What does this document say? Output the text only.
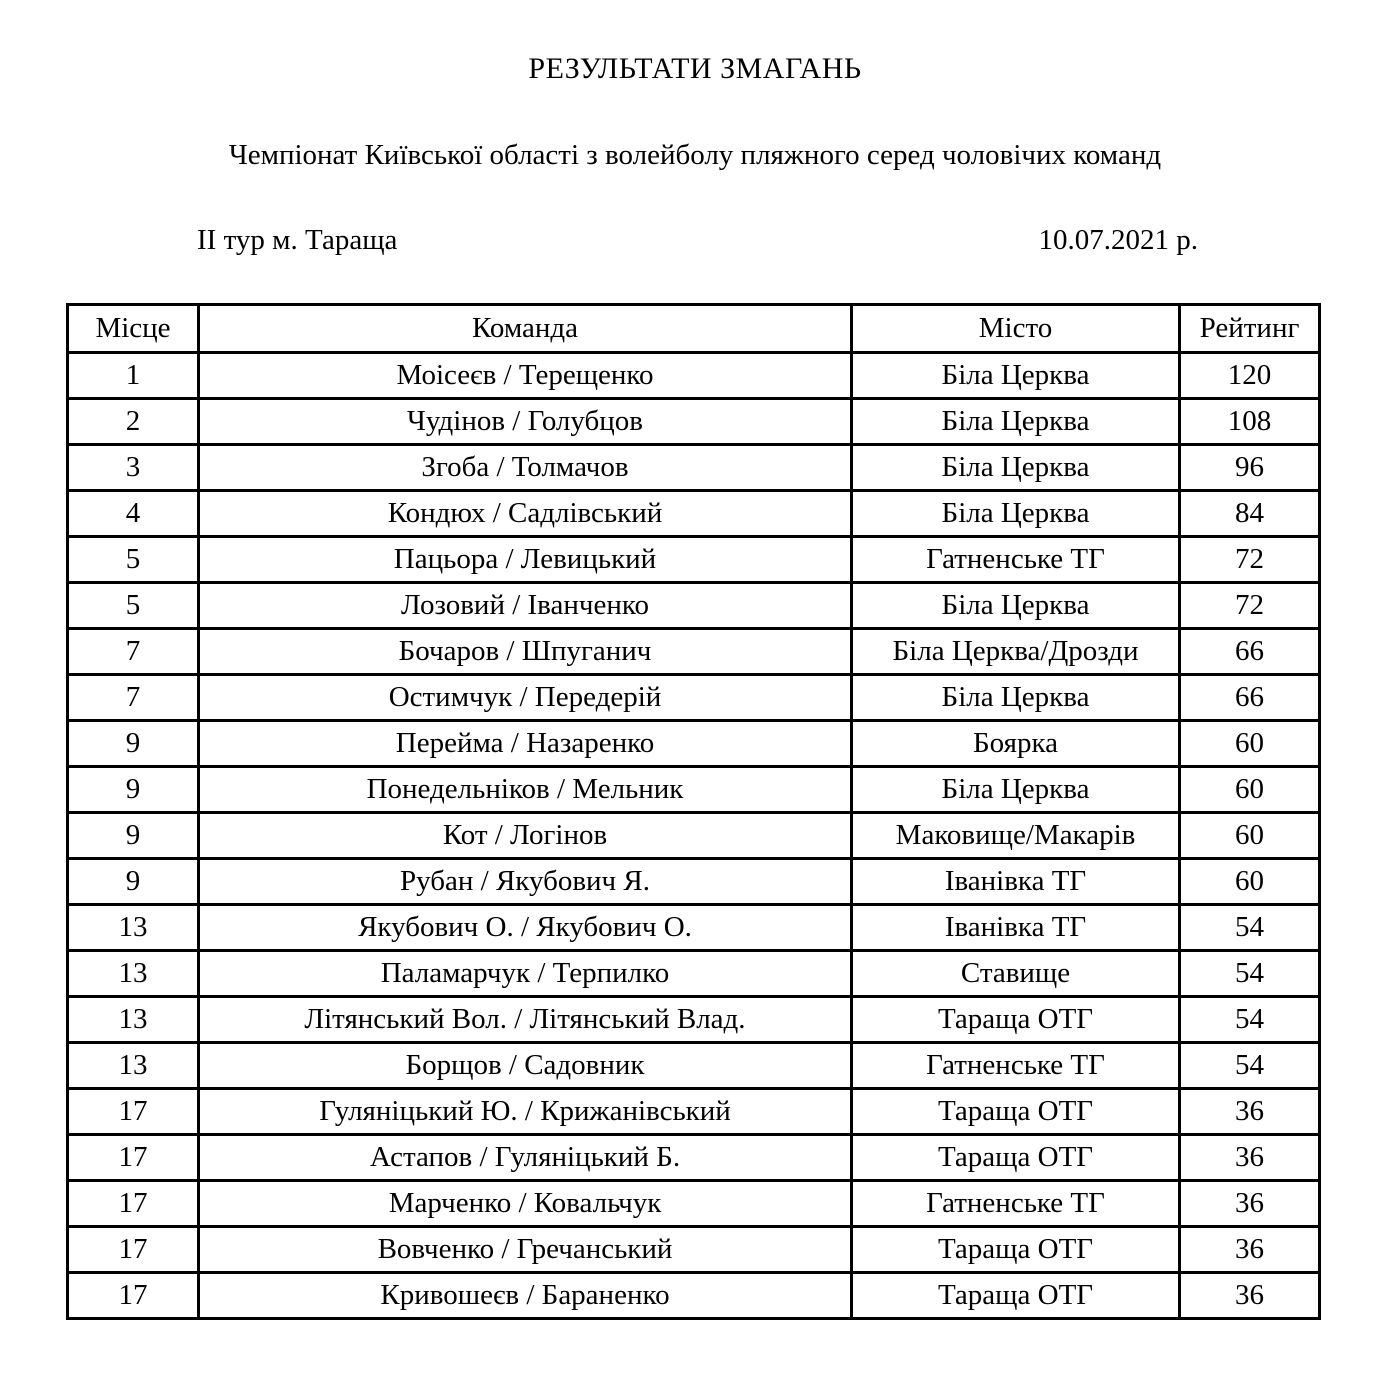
РЕЗУЛЬТАТИ ЗМАГАНЬ
Чемпіонат Київської області з волейболу пляжного серед чоловічих команд
ІІ тур м. Тараща	10.07.2021 р.
Місце	Команда	Місто	Рейтинг
1	Моісеєв / Терещенко	Біла Церква	120
2	Чудінов / Голубцов	Біла Церква	108
3	Згоба / Толмачов	Біла Церква	96
4	Кондюх / Садлівський	Біла Церква	84
5	Пацьора / Левицький	Гатненське ТГ	72
5	Лозовий / Іванченко	Біла Церква	72
7	Бочаров / Шпуганич	Біла Церква/Дрозди	66
7	Остимчук / Передерій	Біла Церква	66
9	Перейма / Назаренко	Боярка	60
9	Понедельніков / Мельник	Біла Церква	60
9	Кот / Логінов	Маковище/Макарів	60
9	Рубан / Якубович Я.	Іванівка ТГ	60
13	Якубович О. / Якубович О.	Іванівка ТГ	54
13	Паламарчук / Терпилко	Ставище	54
13	Літянський Вол. / Літянський Влад.	Тараща ОТГ	54
13	Борщов / Садовник	Гатненське ТГ	54
17	Гуляніцький Ю. / Крижанівський	Тараща ОТГ	36
17	Астапов / Гуляніцький Б.	Тараща ОТГ	36
17	Марченко / Ковальчук	Гатненське ТГ	36
17	Вовченко / Гречанський	Тараща ОТГ	36
17	Кривошеєв / Бараненко	Тараща ОТГ	36
